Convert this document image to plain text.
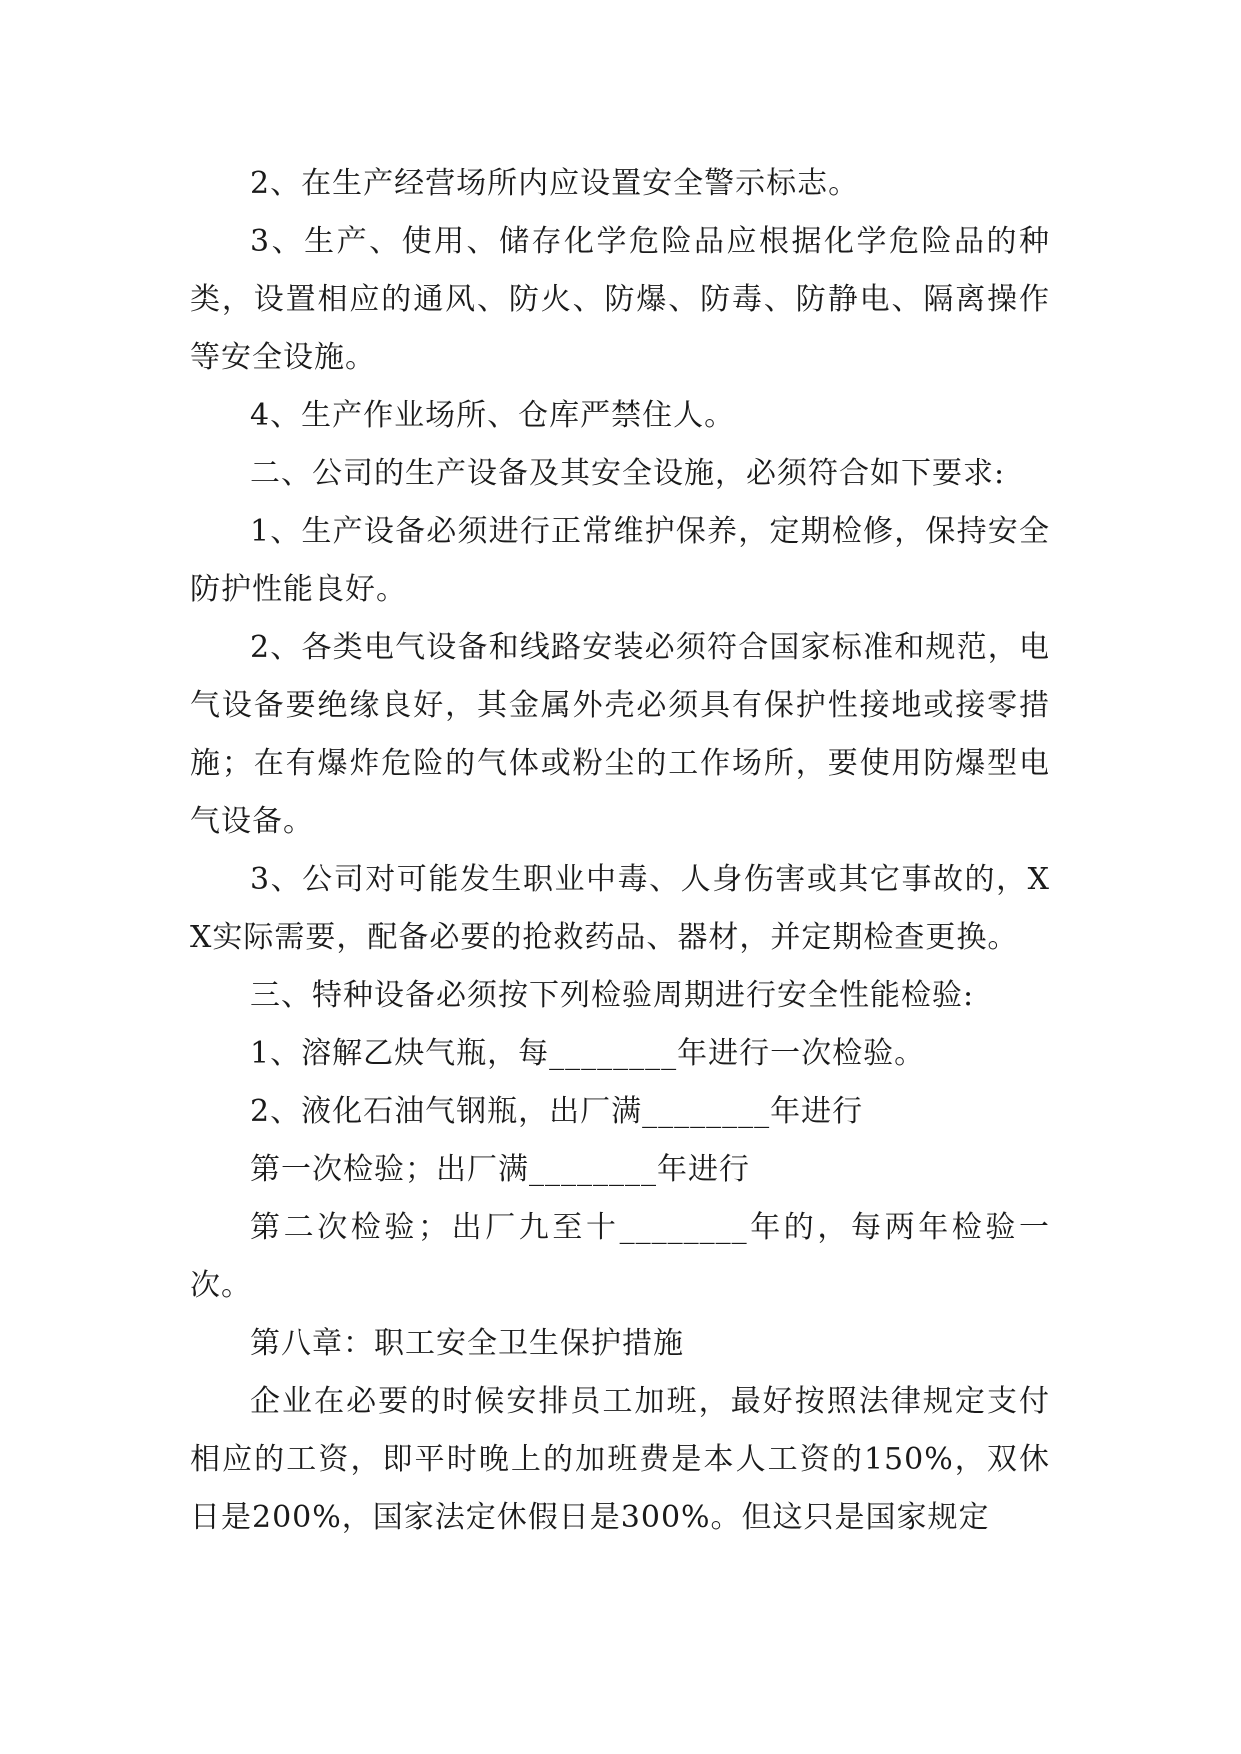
2、在生产经营场所内应设置安全警示标志。

3、生产、使用、储存化学危险品应根据化学危险品的种类，设置相应的通风、防火、防爆、防毒、防静电、隔离操作等安全设施。

4、生产作业场所、仓库严禁住人。

二、公司的生产设备及其安全设施，必须符合如下要求:

1、生产设备必须进行正常维护保养，定期检修，保持安全防护性能良好。

2、各类电气设备和线路安装必须符合国家标准和规范，电气设备要绝缘良好，其金属外壳必须具有保护性接地或接零措施；在有爆炸危险的气体或粉尘的工作场所，要使用防爆型电气设备。

3、公司对可能发生职业中毒、人身伤害或其它事故的，XX实际需要，配备必要的抢救药品、器材，并定期检查更换。

三、特种设备必须按下列检验周期进行安全性能检验:

1、溶解乙炔气瓶，每________年进行一次检验。

2、液化石油气钢瓶，出厂满________年进行

第一次检验；出厂满________年进行

第二次检验；出厂九至十________年的，每两年检验一次。

第八章：职工安全卫生保护措施

企业在必要的时候安排员工加班，最好按照法律规定支付相应的工资，即平时晚上的加班费是本人工资的150%，双休日是200%，国家法定休假日是300%。但这只是国家规定
